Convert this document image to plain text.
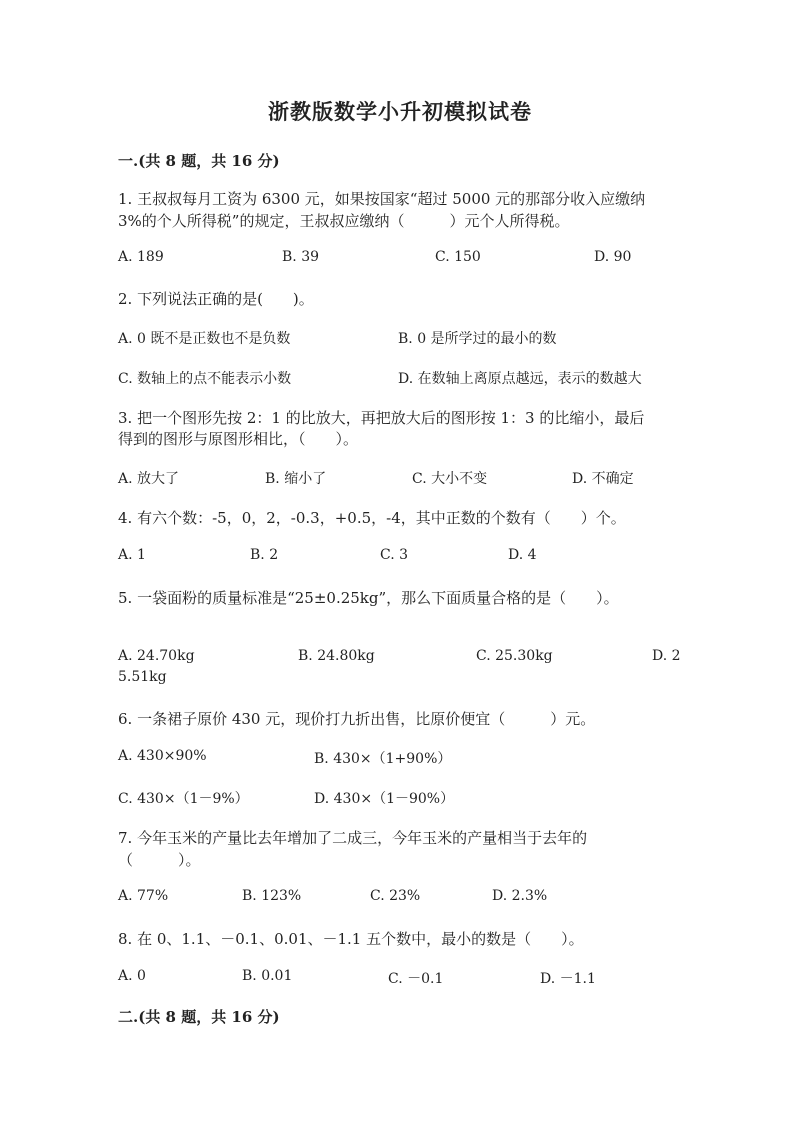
浙教版数学小升初模拟试卷
一.(共 8 题，共 16 分)
1. 王叔叔每月工资为 6300 元，如果按国家“超过 5000 元的那部分收入应缴纳
3%的个人所得税”的规定，王叔叔应缴纳（　　　）元个人所得税。
A. 189	B. 39	C. 150	D. 90
2. 下列说法正确的是(　　)。
A. 0 既不是正数也不是负数	B. 0 是所学过的最小的数
C. 数轴上的点不能表示小数	D. 在数轴上离原点越远，表示的数越大
3. 把一个图形先按 2：1 的比放大，再把放大后的图形按 1：3 的比缩小，最后
得到的图形与原图形相比，（　　）。
A. 放大了	B. 缩小了	C. 大小不变	D. 不确定
4. 有六个数：-5，0，2，-0.3，+0.5，-4，其中正数的个数有（　　）个。
A. 1	B. 2	C. 3	D. 4
5. 一袋面粉的质量标准是“25±0.25kg”，那么下面质量合格的是（　　）。
A. 24.70kg	B. 24.80kg	C. 25.30kg	D. 2
5.51kg
6. 一条裙子原价 430 元，现价打九折出售，比原价便宜（　　　）元。
A. 430×90%	B. 430×（1+90%）
C. 430×（1－9%）	D. 430×（1－90%）
7. 今年玉米的产量比去年增加了二成三，今年玉米的产量相当于去年的
（　　　）。
A. 77%	B. 123%	C. 23%	D. 2.3%
8. 在 0、1.1、－0.1、0.01、－1.1 五个数中，最小的数是（　　）。
A. 0	B. 0.01	C. －0.1	D. －1.1
二.(共 8 题，共 16 分)
